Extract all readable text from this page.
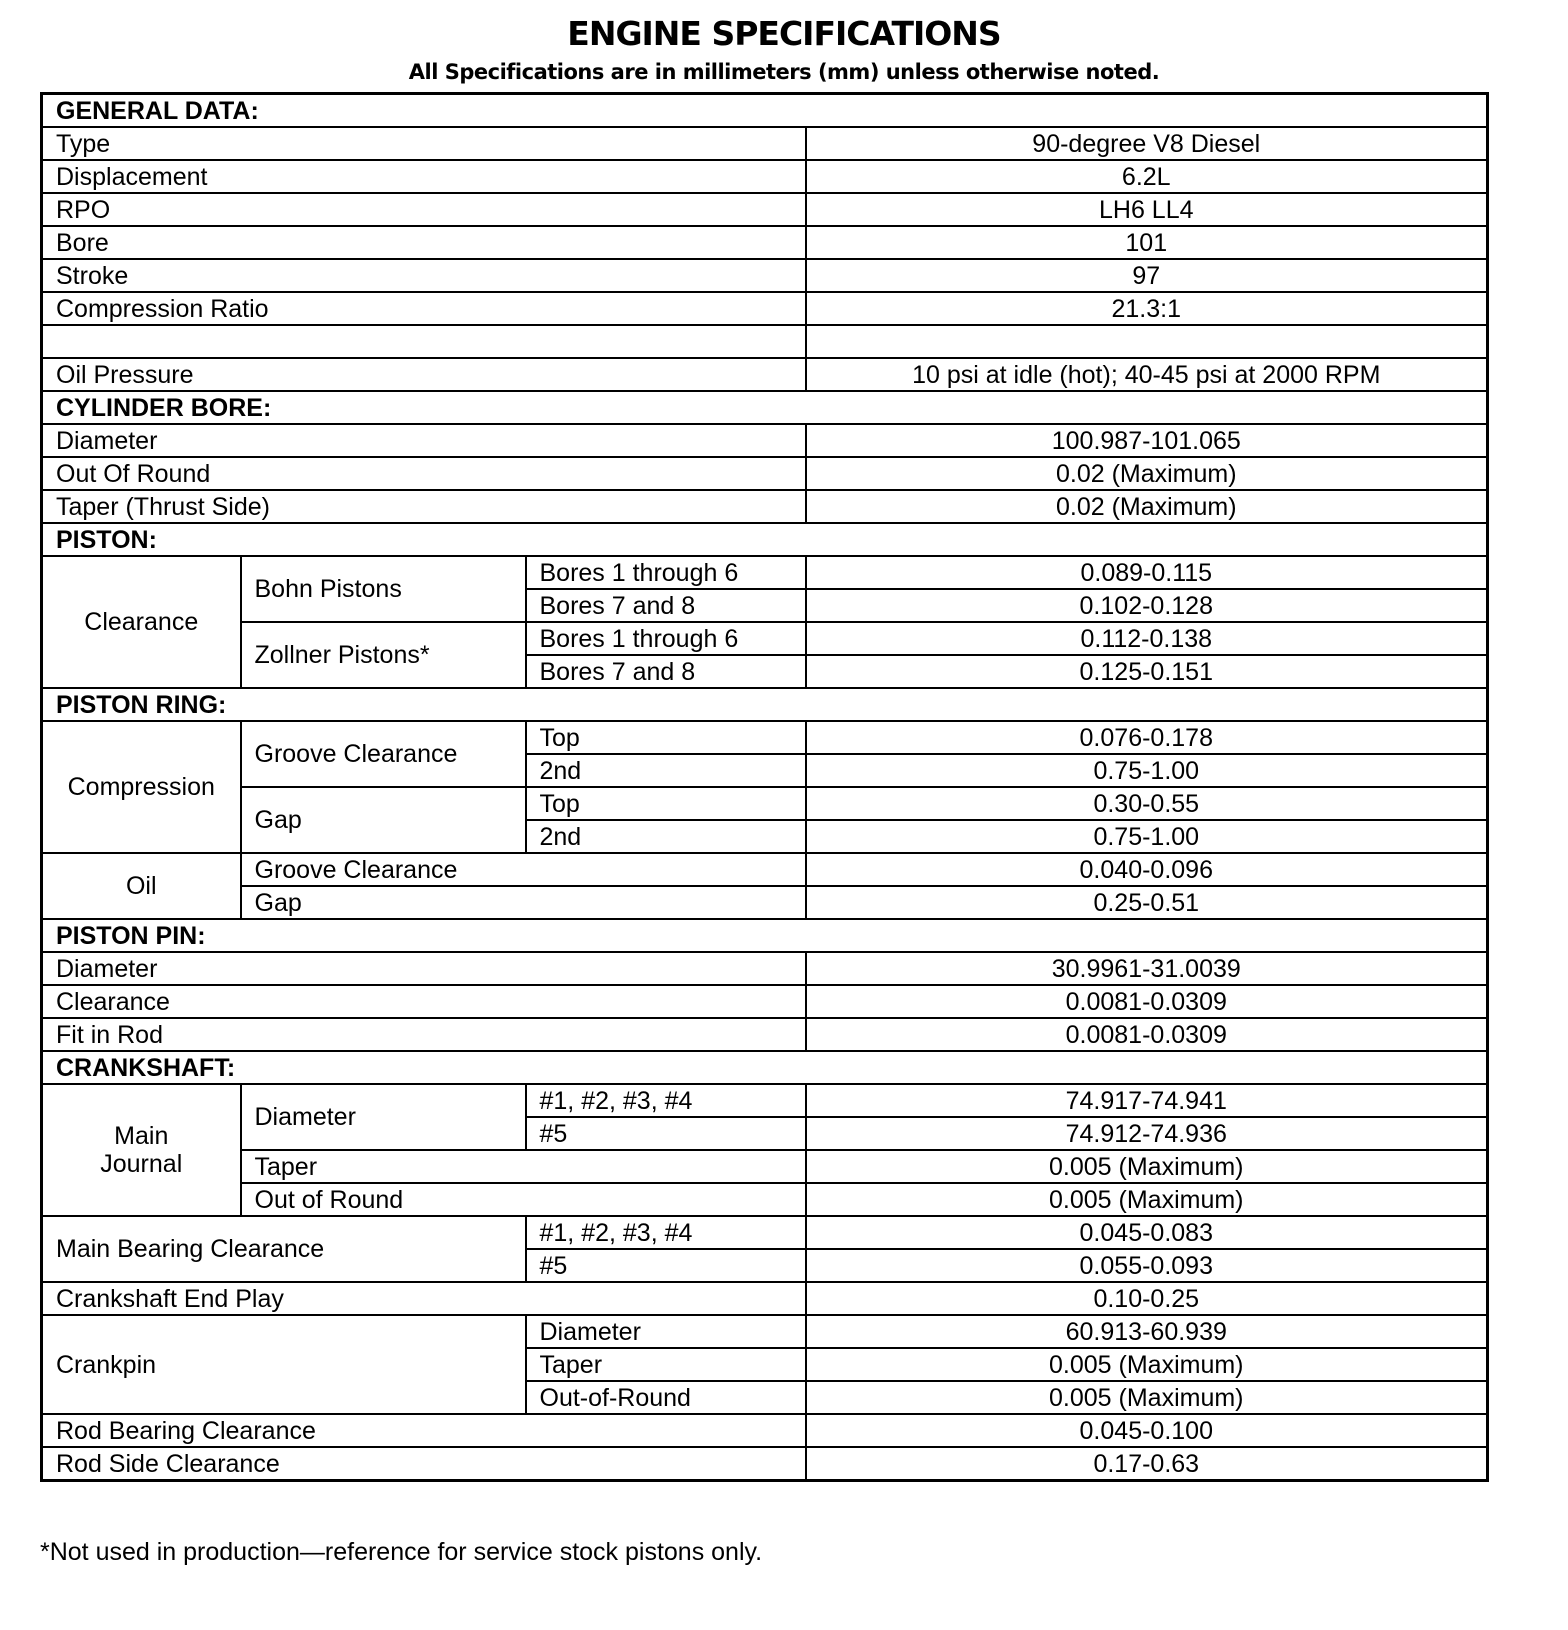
ENGINE SPECIFICATIONS
All Specifications are in millimeters (mm) unless otherwise noted.
GENERAL DATA:			
Type			90-degree V8 Diesel
Displacement			6.2L
RPO			LH6 LL4
Bore			101
Stroke			97
Compression Ratio			21.3:1

Oil Pressure			10 psi at idle (hot); 40-45 psi at 2000 RPM
CYLINDER BORE:			
Diameter			100.987-101.065
Out Of Round			0.02 (Maximum)
Taper (Thrust Side)			0.02 (Maximum)
PISTON:			
Clearance	Bohn Pistons	Bores 1 through 6	0.089-0.115
		Bores 7 and 8	0.102-0.128
	Zollner Pistons*	Bores 1 through 6	0.112-0.138
		Bores 7 and 8	0.125-0.151
PISTON RING:			
Compression	Groove Clearance	Top	0.076-0.178
		2nd	0.75-1.00
	Gap	Top	0.30-0.55
		2nd	0.75-1.00
Oil	Groove Clearance		0.040-0.096
	Gap		0.25-0.51
PISTON PIN:			
Diameter			30.9961-31.0039
Clearance			0.0081-0.0309
Fit in Rod			0.0081-0.0309
CRANKSHAFT:			

Main
Journal	Diameter	#1, #2, #3, #4	74.917-74.941
		#5	74.912-74.936
	Taper		0.005 (Maximum)
	Out of Round		0.005 (Maximum)
Main Bearing Clearance		#1, #2, #3, #4	0.045-0.083
		#5	0.055-0.093
Crankshaft End Play			0.10-0.25
Crankpin		Diameter	60.913-60.939
		Taper	0.005 (Maximum)
		Out-of-Round	0.005 (Maximum)
Rod Bearing Clearance			0.045-0.100
Rod Side Clearance			0.17-0.63
*Not used in production—reference for service stock pistons only.
